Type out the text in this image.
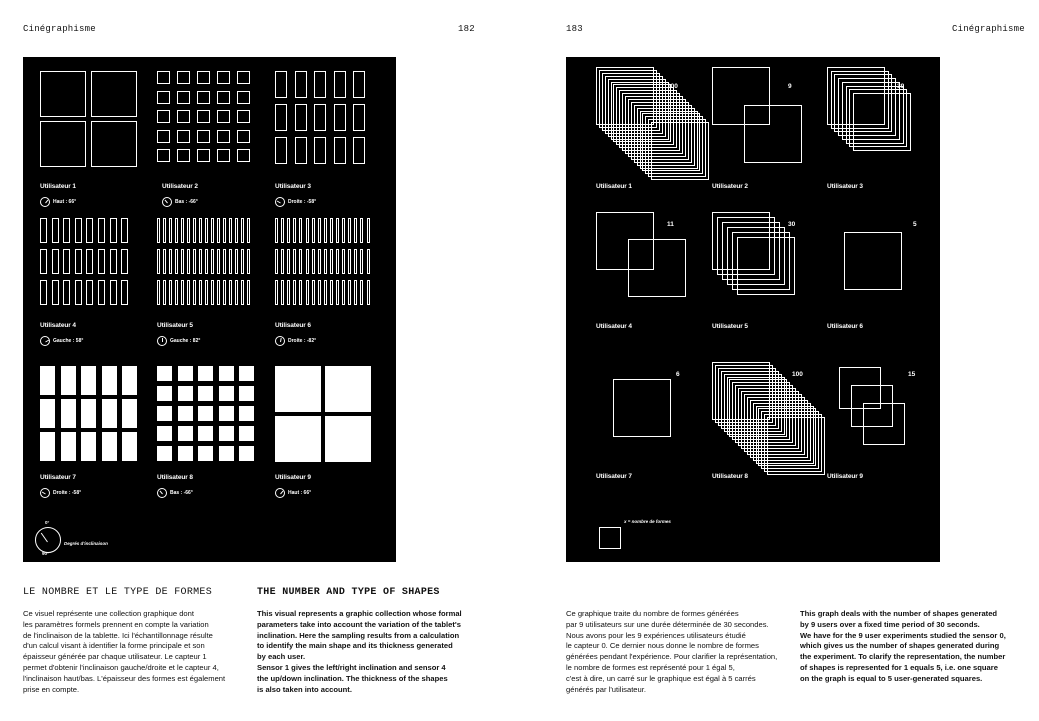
Cinégraphisme	182
Utilisateur 1
Haut : 66°
Utilisateur 2
Bas : -66°
Utilisateur 3
Droite : -58°
Utilisateur 4
Gauche : 58°
Utilisateur 5
Gauche : 82°
Utilisateur 6
Droite : -82°
Utilisateur 7
Droite : -58°
Utilisateur 8
Bas : -66°
Utilisateur 9
Haut : 66°
0°
90°
Degrés d'inclinaison
LE NOMBRE ET LE TYPE DE FORMES	THE NUMBER AND TYPE OF SHAPES
Ce visuel représente une collection graphique dont
les paramètres formels prennent en compte la variation
de l'inclinaison de la tablette. Ici l'échantillonnage résulte
d'un calcul visant à identifier la forme principale et son
épaisseur générée par chaque utilisateur. Le capteur 1
permet d'obtenir l'inclinaison gauche/droite et le capteur 4,
l'inclinaison haut/bas. L'épaisseur des formes est également
prise en compte.
This visual represents a graphic collection whose formal
parameters take into account the variation of the tablet's
inclination. Here the sampling results from a calculation
to identify the main shape and its thickness generated
by each user.
Sensor 1 gives the left/right inclination and sensor 4
the up/down inclination. The thickness of the shapes
is also taken into account.
183	Cinégraphisme
100	9	39
11	30	5
6	100	15
Utilisateur 1	Utilisateur 2	Utilisateur 3
Utilisateur 4	Utilisateur 5	Utilisateur 6
Utilisateur 7	Utilisateur 8	Utilisateur 9
x = nombre de formes
Ce graphique traite du nombre de formes générées
par 9 utilisateurs sur une durée déterminée de 30 secondes.
Nous avons pour les 9 expériences utilisateurs étudié
le capteur 0. Ce dernier nous donne le nombre de formes
générées pendant l'expérience. Pour clarifier la représentation,
le nombre de formes est représenté pour 1 égal 5,
c'est à dire, un carré sur le graphique est égal à 5 carrés
générés par l'utilisateur.
This graph deals with the number of shapes generated
by 9 users over a fixed time period of 30 seconds.
We have for the 9 user experiments studied the sensor 0,
which gives us the number of shapes generated during
the experiment. To clarify the representation, the number
of shapes is represented for 1 equals 5, i.e. one square
on the graph is equal to 5 user-generated squares.
